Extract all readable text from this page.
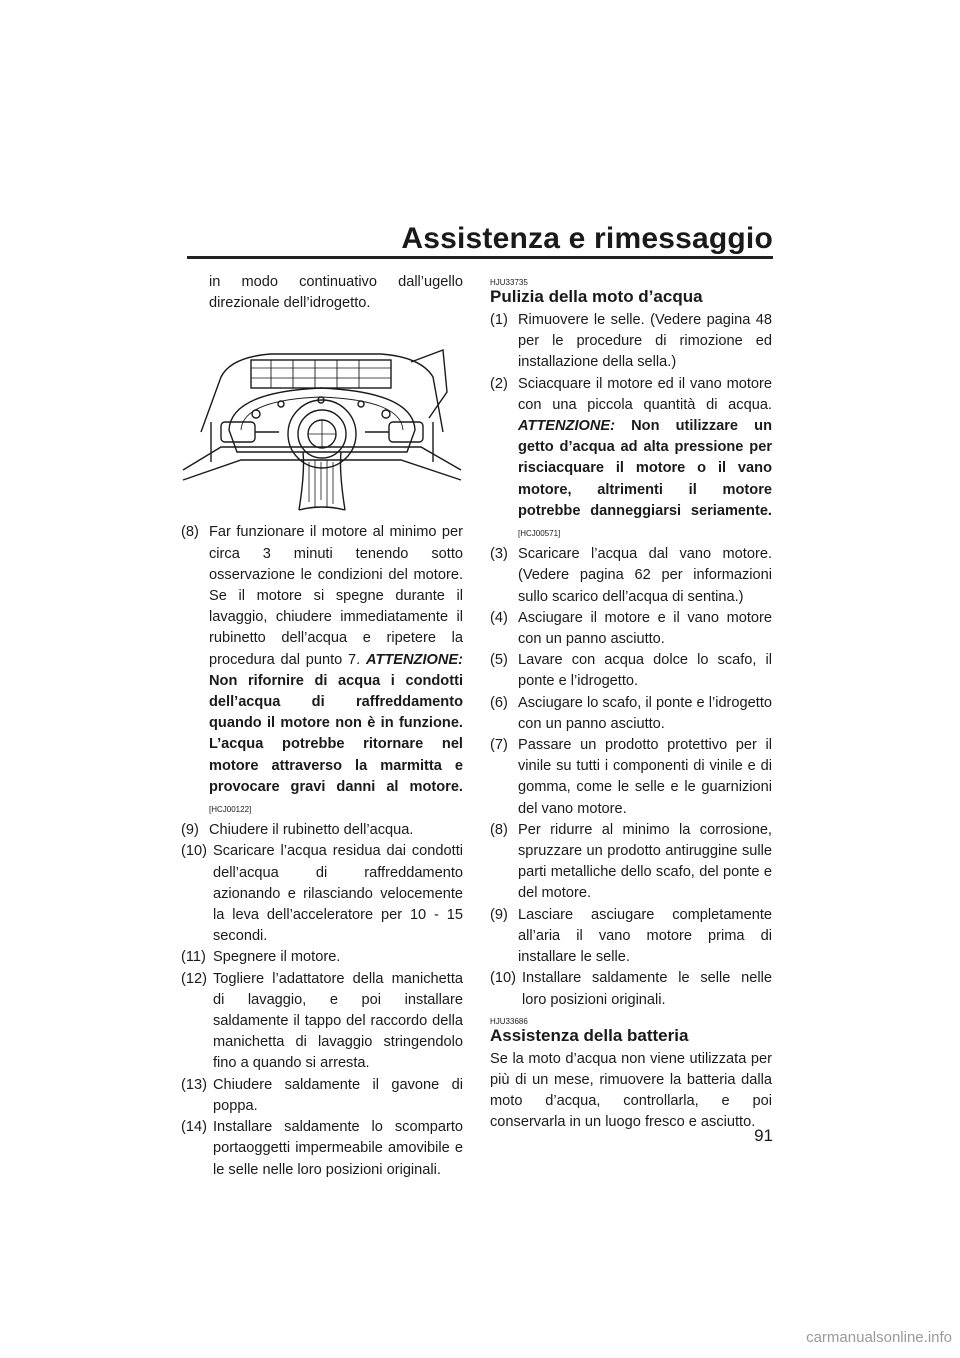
Assistenza e rimessaggio

in modo continuativo dall’ugello direzionale dell’idrogetto.

(8) Far funzionare il motore al minimo per circa 3 minuti tenendo sotto osservazione le condizioni del motore. Se il motore si spegne durante il lavaggio, chiudere immediatamente il rubinetto dell’acqua e ripetere la procedura dal punto 7. ATTENZIONE: Non rifornire di acqua i condotti dell’acqua di raffreddamento quando il motore non è in funzione. L’acqua potrebbe ritornare nel motore attraverso la marmitta e provocare gravi danni al motore. [HCJ00122]
(9) Chiudere il rubinetto dell’acqua.
(10) Scaricare l’acqua residua dai condotti dell’acqua di raffreddamento azionando e rilasciando velocemente la leva dell’acceleratore per 10 - 15 secondi.
(11) Spegnere il motore.
(12) Togliere l’adattatore della manichetta di lavaggio, e poi installare saldamente il tappo del raccordo della manichetta di lavaggio stringendolo fino a quando si arresta.
(13) Chiudere saldamente il gavone di poppa.
(14) Installare saldamente lo scomparto portaoggetti impermeabile amovibile e le selle nelle loro posizioni originali.
HJU33735
Pulizia della moto d’acqua
(1) Rimuovere le selle. (Vedere pagina 48 per le procedure di rimozione ed installazione della sella.)
(2) Sciacquare il motore ed il vano motore con una piccola quantità di acqua. ATTENZIONE: Non utilizzare un getto d’acqua ad alta pressione per risciacquare il motore o il vano motore, altrimenti il motore potrebbe danneggiarsi seriamente. [HCJ00571]
(3) Scaricare l’acqua dal vano motore. (Vedere pagina 62 per informazioni sullo scarico dell’acqua di sentina.)
(4) Asciugare il motore e il vano motore con un panno asciutto.
(5) Lavare con acqua dolce lo scafo, il ponte e l’idrogetto.
(6) Asciugare lo scafo, il ponte e l’idrogetto con un panno asciutto.
(7) Passare un prodotto protettivo per il vinile su tutti i componenti di vinile e di gomma, come le selle e le guarnizioni del vano motore.
(8) Per ridurre al minimo la corrosione, spruzzare un prodotto antiruggine sulle parti metalliche dello scafo, del ponte e del motore.
(9) Lasciare asciugare completamente all’aria il vano motore prima di installare le selle.
(10) Installare saldamente le selle nelle loro posizioni originali.
HJU33686
Assistenza della batteria

Se la moto d’acqua non viene utilizzata per più di un mese, rimuovere la batteria dalla moto d’acqua, controllarla, e poi conservarla in un luogo fresco e asciutto.

91
carmanualsonline.info
